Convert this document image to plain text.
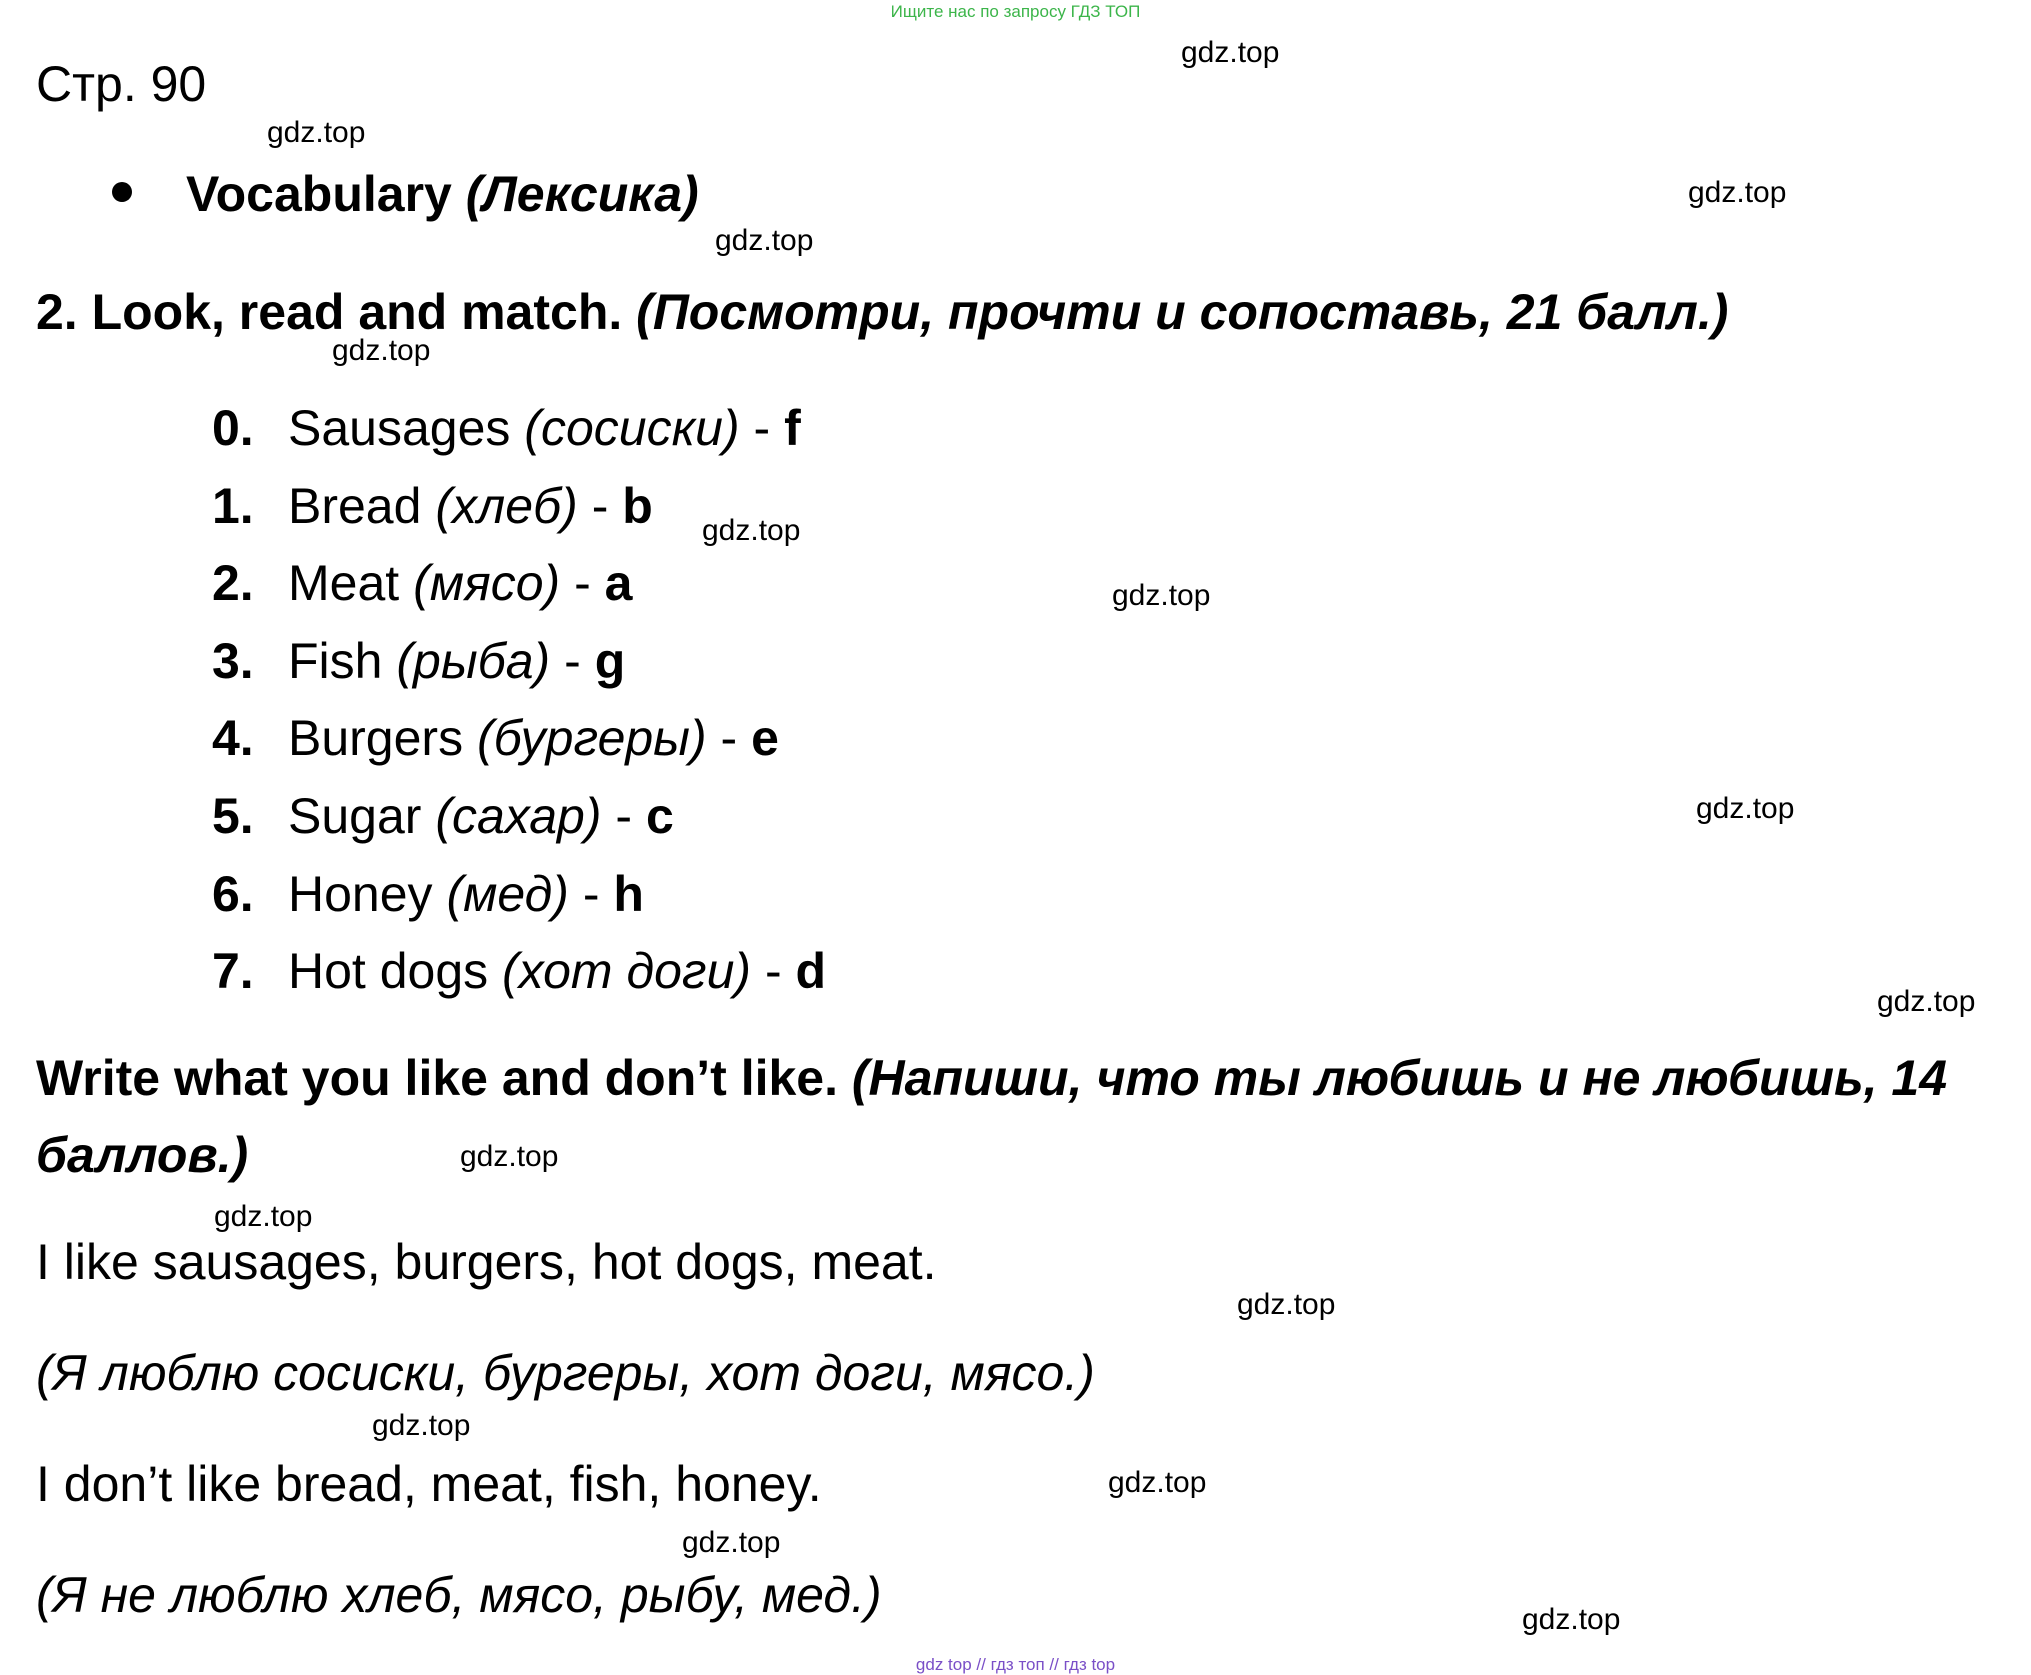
Ищите нас по запросу ГДЗ ТОП
Стр. 90
Vocabulary (Лексика)
2. Look, read and match. (Посмотри, прочти и сопоставь, 21 балл.)
0. Sausages (сосиски) - f
1. Bread (хлеб) - b
2. Meat (мясо) - a
3. Fish (рыба) - g
4. Burgers (бургеры) - e
5. Sugar (сахар) - c
6. Honey (мед) - h
7. Hot dogs (хот доги) - d
Write what you like and don’t like. (Напиши, что ты любишь и не любишь, 14 баллов.)
I like sausages, burgers, hot dogs, meat.
(Я люблю сосиски, бургеры, хот доги, мясо.)
I don’t like bread, meat, fish, honey.
(Я не люблю хлеб, мясо, рыбу, мед.)
gdz.top
gdz.top
gdz.top
gdz.top
gdz.top
gdz.top
gdz.top
gdz.top
gdz.top
gdz.top
gdz.top
gdz.top
gdz.top
gdz.top
gdz.top
gdz.top
gdz top // гдз топ // гдз top
